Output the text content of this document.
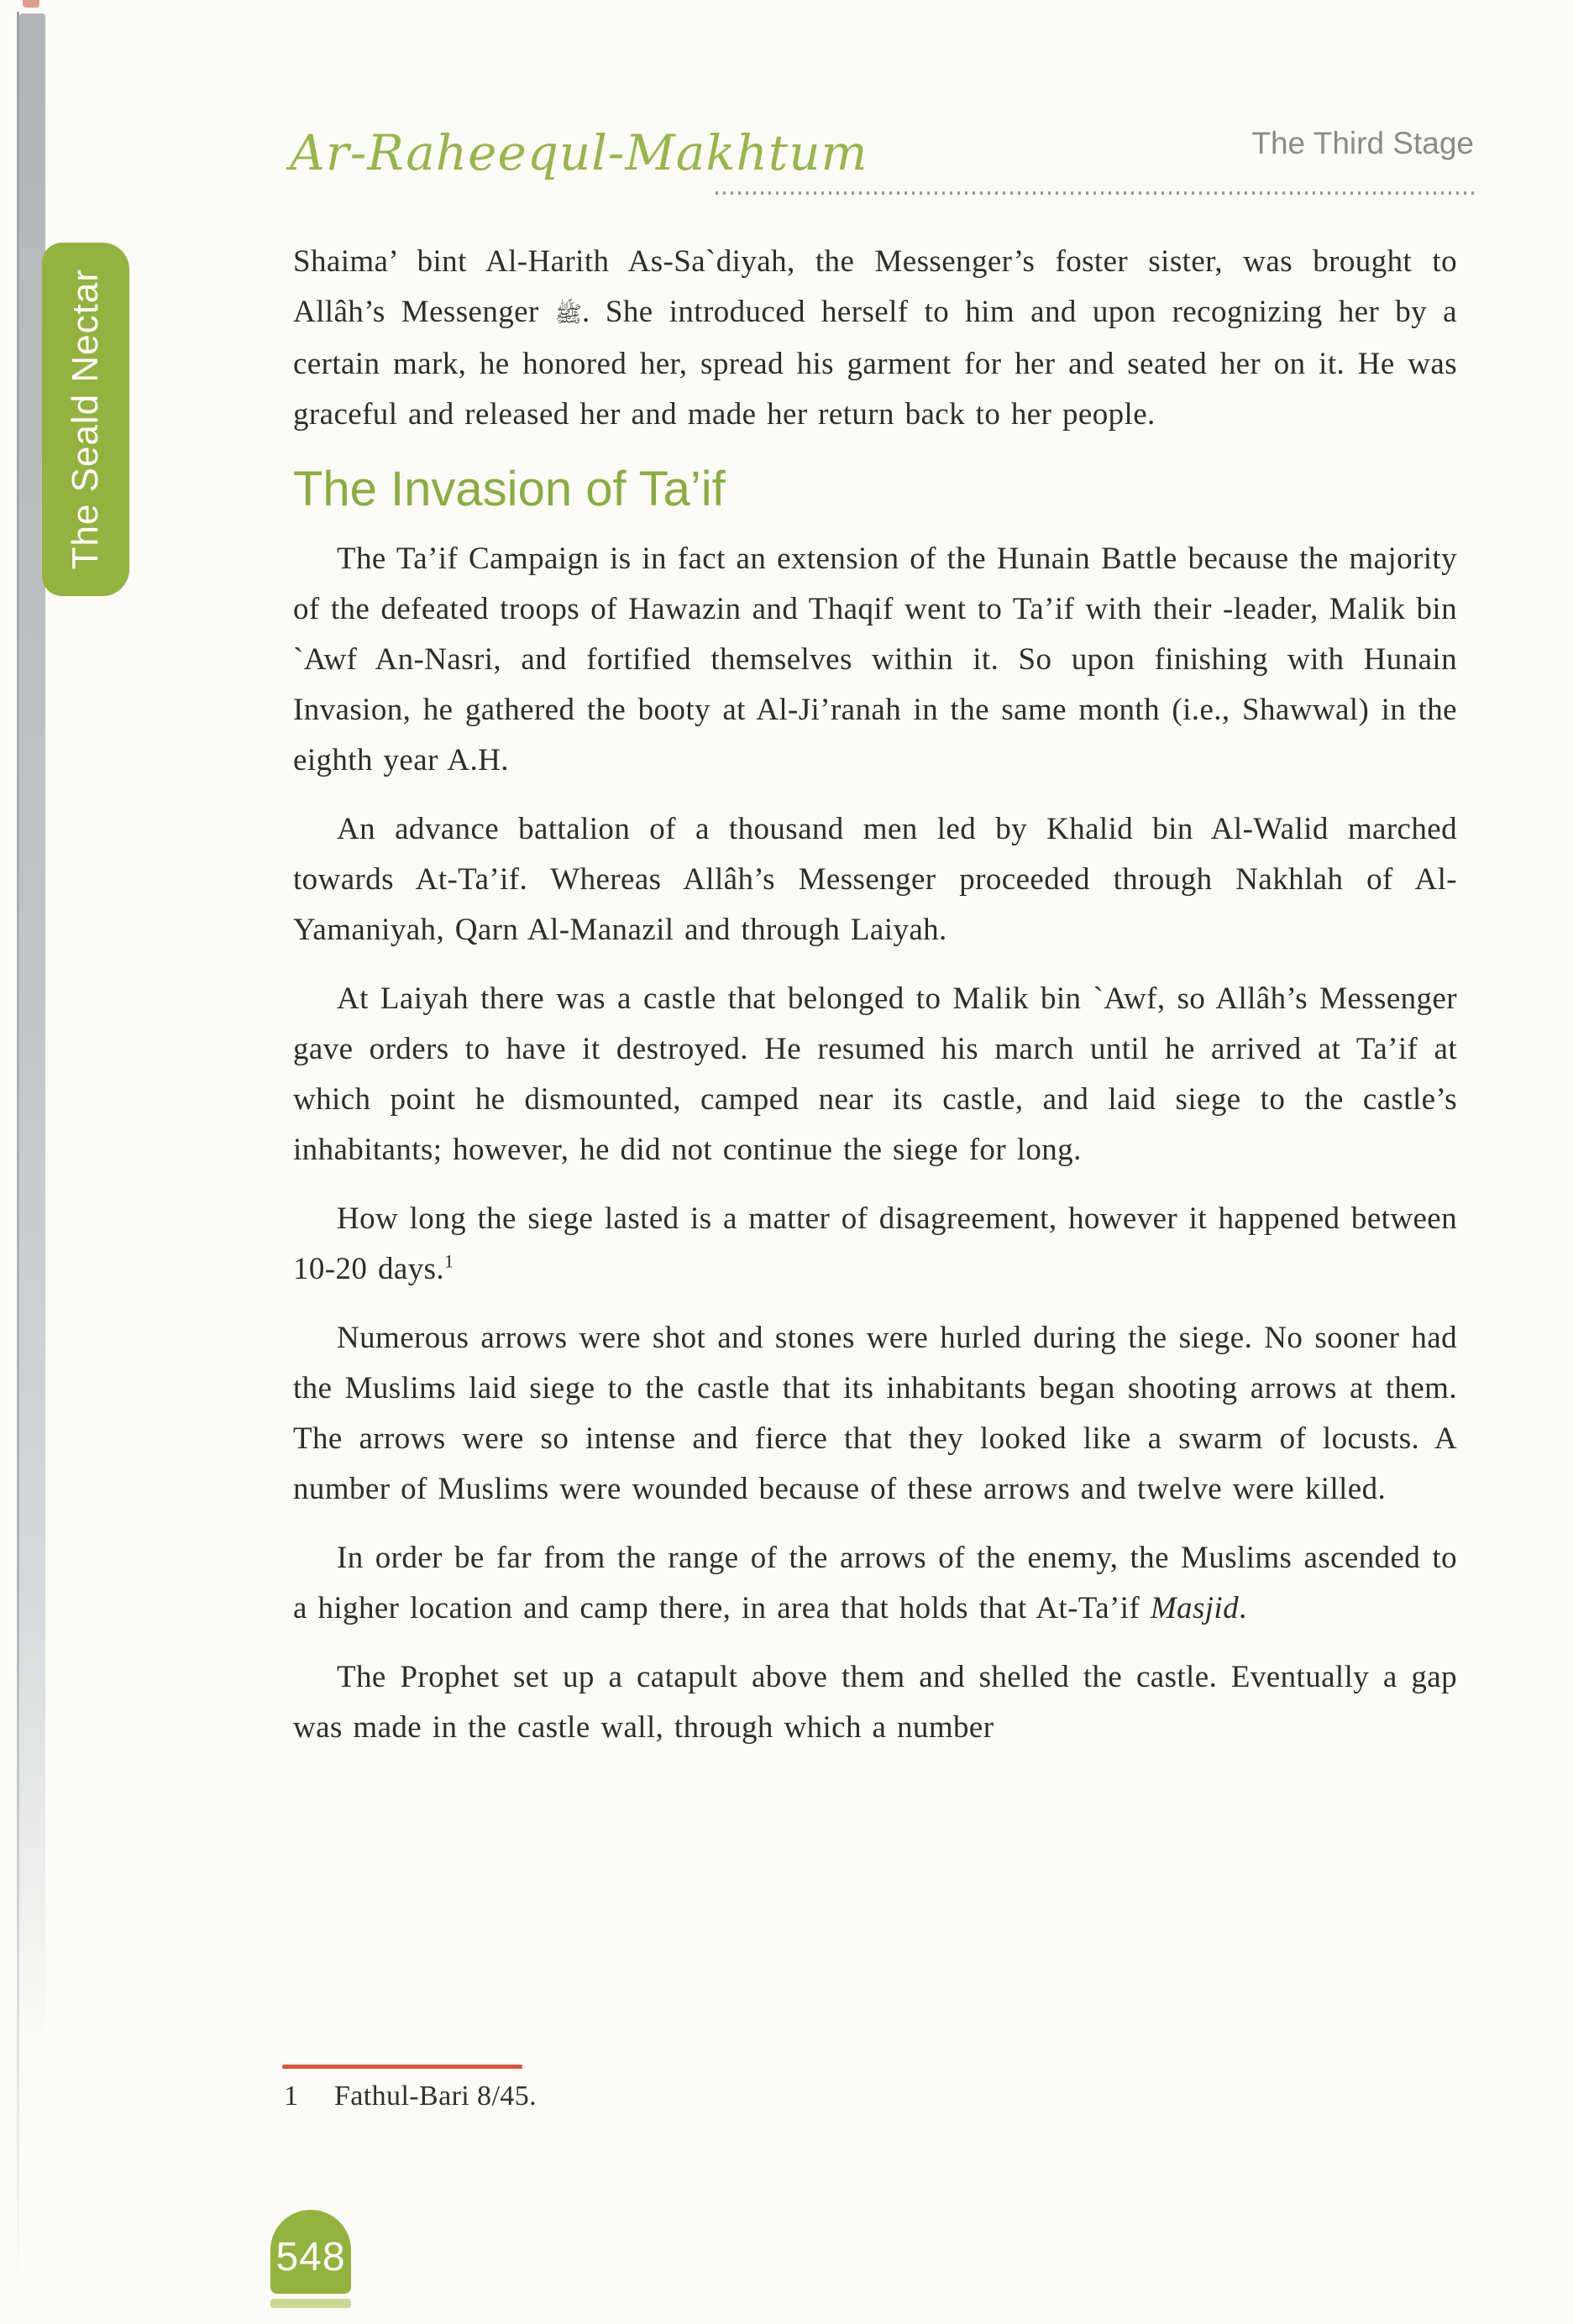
The Seald Nectar
Ar-Raheequl-Makhtum	The Third Stage

Shaima’ bint Al-Harith As-Sa`diyah, the Messenger’s foster sister, was brought to Allâh’s Messenger ﷺ. She introduced herself to him and upon recognizing her by a certain mark, he honored her, spread his garment for her and seated her on it. He was graceful and released her and made her return back to her people.

The Invasion of Ta’if

The Ta’if Campaign is in fact an extension of the Hunain Battle because the majority of the defeated troops of Hawazin and Thaqif went to Ta’if with their -leader, Malik bin `Awf An-Nasri, and fortified themselves within it. So upon finishing with Hunain Invasion, he gathered the booty at Al-Ji’ranah in the same month (i.e., Shawwal) in the eighth year A.H.

An advance battalion of a thousand men led by Khalid bin Al-Walid marched towards At-Ta’if. Whereas Allâh’s Messenger proceeded through Nakhlah of Al-Yamaniyah, Qarn Al-Manazil and through Laiyah.

At Laiyah there was a castle that belonged to Malik bin `Awf, so Allâh’s Messenger gave orders to have it destroyed. He resumed his march until he arrived at Ta’if at which point he dismounted, camped near its castle, and laid siege to the castle’s inhabitants; however, he did not continue the siege for long.

How long the siege lasted is a matter of disagreement, however it happened between 10-20 days.$^1$

Numerous arrows were shot and stones were hurled during the siege. No sooner had the Muslims laid siege to the castle that its inhabitants began shooting arrows at them. The arrows were so intense and fierce that they looked like a swarm of locusts. A number of Muslims were wounded because of these arrows and twelve were killed.

In order be far from the range of the arrows of the enemy, the Muslims ascended to a higher location and camp there, in area that holds that At-Ta’if Masjid.

The Prophet set up a catapult above them and shelled the castle. Eventually a gap was made in the castle wall, through which a number

1 Fathul-Bari 8/45.
548
